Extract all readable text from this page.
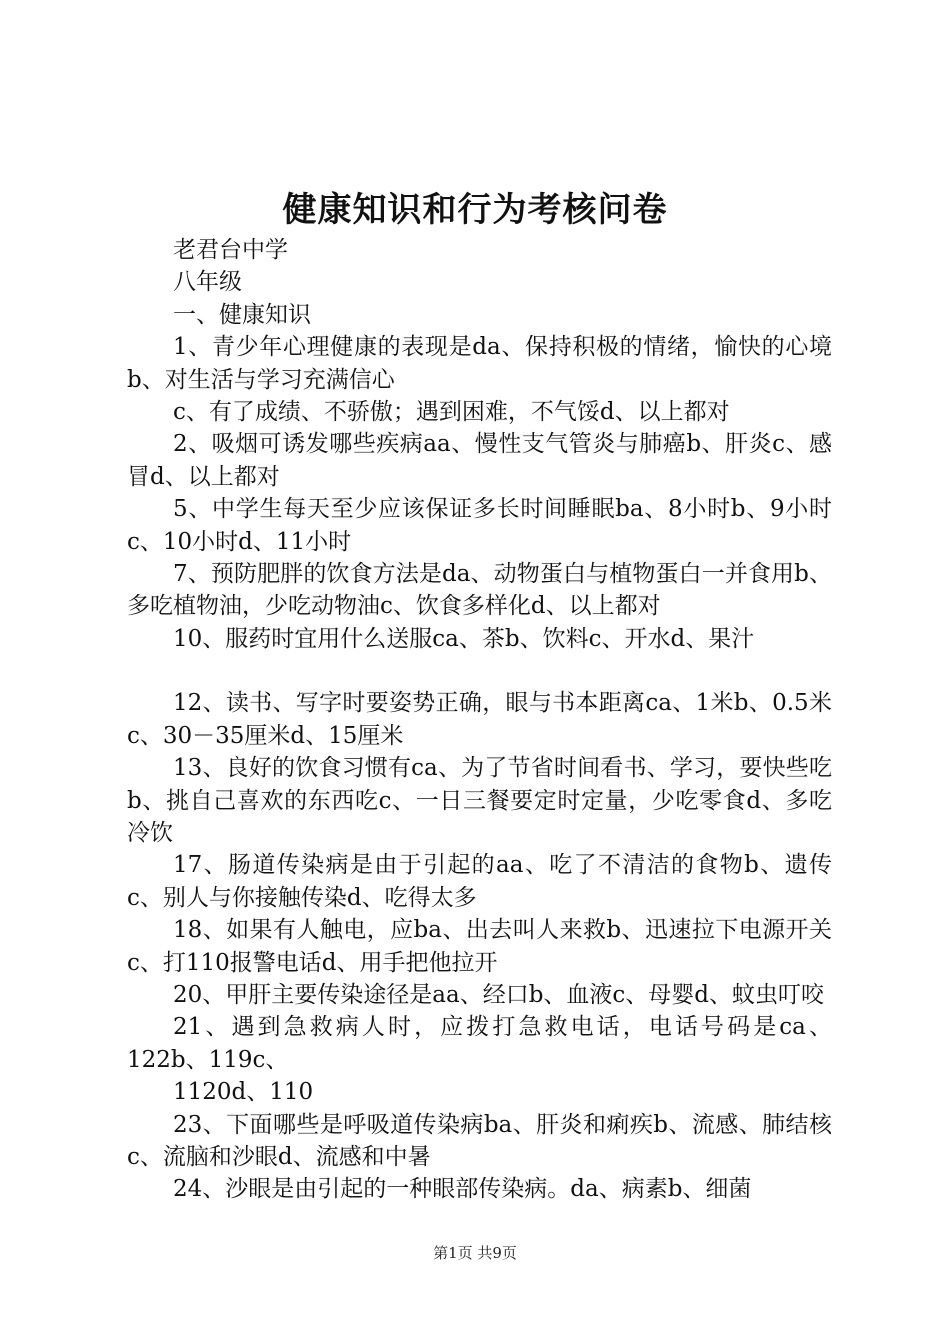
健康知识和行为考核问卷

老君台中学

八年级

一、健康知识

1、青少年心理健康的表现是da、保持积极的情绪，愉快的心境b、对生活与学习充满信心

c、有了成绩、不骄傲；遇到困难，不气馁d、以上都对

2、吸烟可诱发哪些疾病aa、慢性支气管炎与肺癌b、肝炎c、感冒d、以上都对

5、中学生每天至少应该保证多长时间睡眠ba、8小时b、9小时c、10小时d、11小时

7、预防肥胖的饮食方法是da、动物蛋白与植物蛋白一并食用b、多吃植物油，少吃动物油c、饮食多样化d、以上都对

10、服药时宜用什么送服ca、茶b、饮料c、开水d、果汁

12、读书、写字时要姿势正确，眼与书本距离ca、1米b、0.5米c、30－35厘米d、15厘米

13、良好的饮食习惯有ca、为了节省时间看书、学习，要快些吃b、挑自己喜欢的东西吃c、一日三餐要定时定量，少吃零食d、多吃冷饮

17、肠道传染病是由于引起的aa、吃了不清洁的食物b、遗传c、别人与你接触传染d、吃得太多

18、如果有人触电，应ba、出去叫人来救b、迅速拉下电源开关c、打110报警电话d、用手把他拉开

20、甲肝主要传染途径是aa、经口b、血液c、母婴d、蚊虫叮咬

21、遇到急救病人时，应拨打急救电话，电话号码是ca、122b、119c、

1120d、110

23、下面哪些是呼吸道传染病ba、肝炎和痢疾b、流感、肺结核c、流脑和沙眼d、流感和中暑

24、沙眼是由引起的一种眼部传染病。da、病素b、细菌

第1页 共9页
